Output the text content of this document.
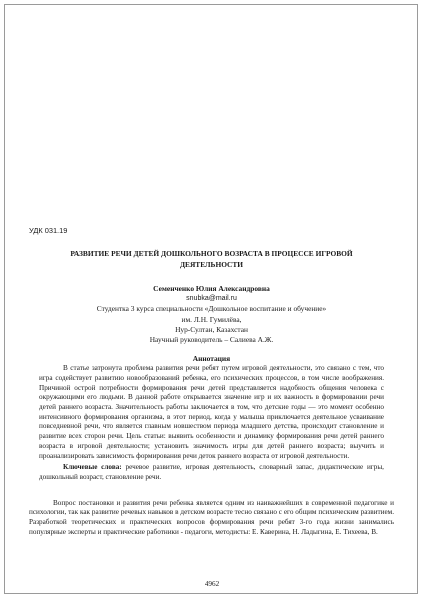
УДК 031.19

РАЗВИТИЕ РЕЧИ ДЕТЕЙ ДОШКОЛЬНОГО ВОЗРАСТА В ПРОЦЕССЕ ИГРОВОЙ ДЕЯТЕЛЬНОСТИ

Семенченко Юлия Александровна
snubka@mail.ru
Студентка 3 курса специальности «Дошкольное воспитание и обучение»
им. Л.Н. Гумилёва,
Нур-Султан, Казахстан
Научный руководитель – Салиева А.Ж.

Аннотация

В статье затронута проблема развития речи ребят путем игровой деятельности, это связано с тем, что игра содействует развитию новообразований ребенка, его психических процессов, в том числе воображения. Причиной острой потребности формирования речи детей представляется надобность общения человека с окружающими его людьми. В данной работе открывается значение игр и их важность в формировании речи детей раннего возраста. Значительность работы заключается в том, что детские годы — это момент особенно интенсивного формирования организма, в этот период, когда у малыша приключается деятельное усваивание повседневной речи, что является главным новшеством периода младшего детства, происходит становление и развитие всех сторон речи. Цель статьи: выявить особенности и динамику формирования речи детей раннего возраста в игровой деятельности; установить значимость игры для детей раннего возраста; выучить и проанализировать зависимость формирования речи деток раннего возраста от игровой деятельности.

Ключевые слова: речевое развитие, игровая деятельность, словарный запас, дидактические игры, дошкольный возраст, становление речи.

Вопрос постановки и развития речи ребенка является одним из наиважнейших в современной педагогике и психологии, так как развитие речевых навыков в детском возрасте тесно связано с его общим психическим развитием. Разработкой теоретических и практических вопросов формирования речи ребят 3-го года жизни занимались популярные эксперты и практические работники - педагоги, методисты: Е. Каверина, Н. Ладыгина, Е. Тихеева, В.

4962
